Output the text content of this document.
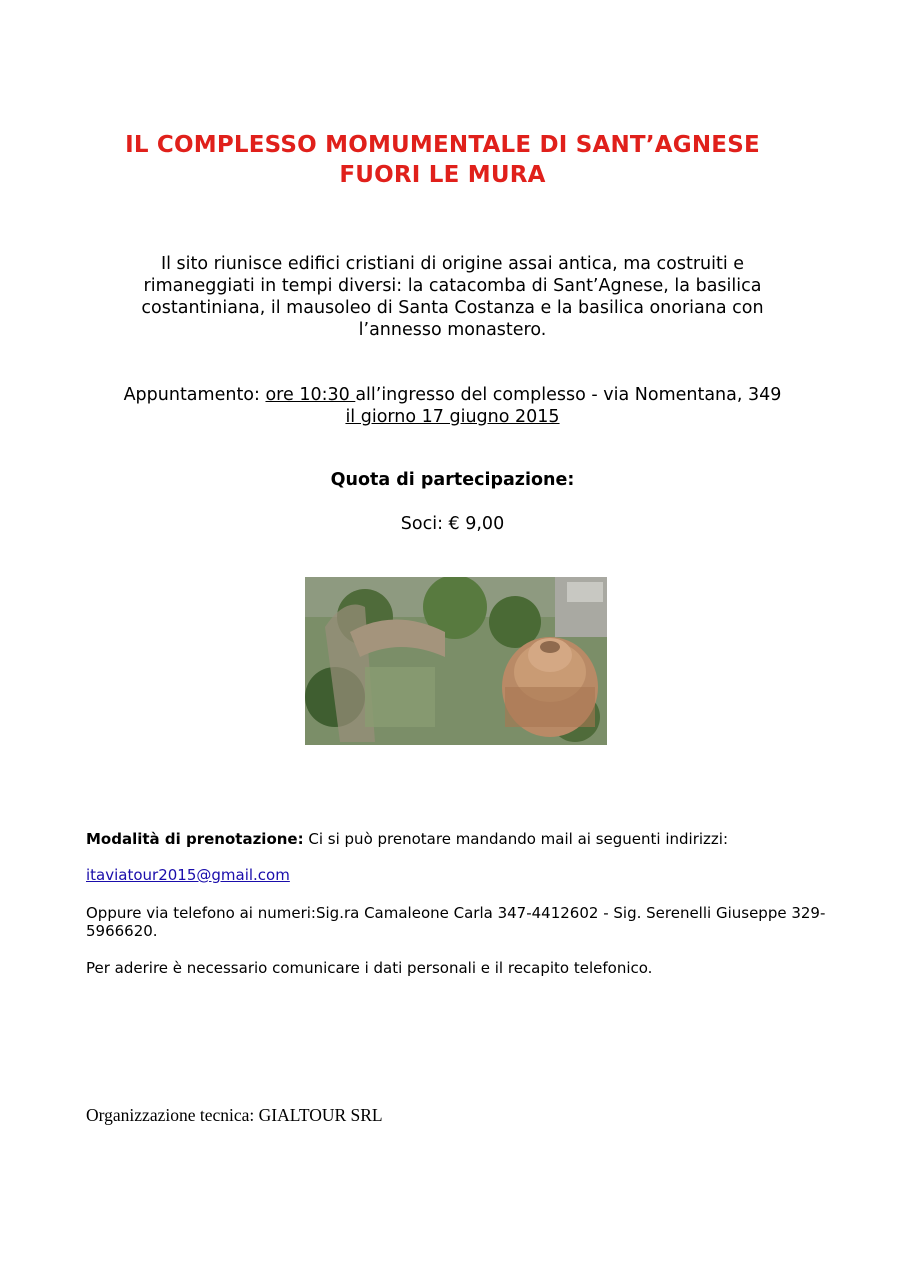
IL COMPLESSO MOMUMENTALE DI SANT’AGNESE
FUORI LE MURA
Il sito riunisce edifici cristiani di origine assai antica, ma costruiti e rimaneggiati in tempi diversi: la catacomba di Sant’Agnese, la basilica costantiniana, il mausoleo di Santa Costanza e la basilica onoriana con l’annesso monastero.
Appuntamento: ore 10:30 all’ingresso del complesso - via Nomentana, 349
il giorno 17 giugno 2015
Quota di partecipazione:
Soci: € 9,00
Modalità di prenotazione: Ci si può prenotare mandando mail ai seguenti indirizzi:
itaviatour2015@gmail.com
Oppure via telefono ai numeri:Sig.ra Camaleone Carla 347-4412602 - Sig. Serenelli Giuseppe 329-5966620.
Per aderire è necessario comunicare i dati personali e il recapito telefonico.
Organizzazione tecnica: GIALTOUR SRL
